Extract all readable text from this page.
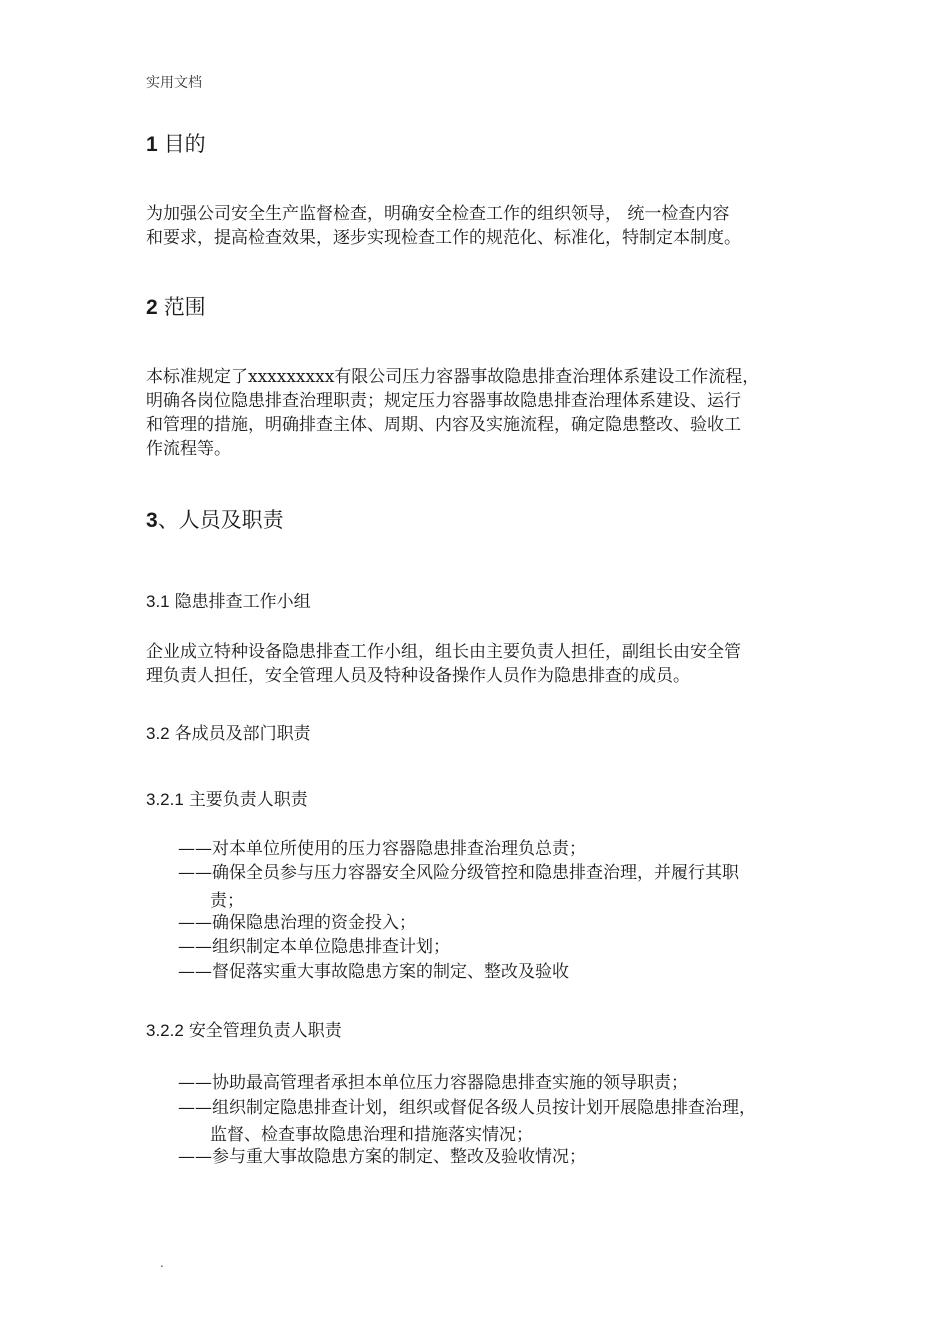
实用文档
1 目的
为加强公司安全生产监督检查，明确安全检查工作的组织领导， 统一检查内容
和要求，提高检查效果，逐步实现检查工作的规范化、标准化，特制定本制度。
2 范围
本标准规定了xxxxxxxxx有限公司压力容器事故隐患排查治理体系建设工作流程，
明确各岗位隐患排查治理职责；规定压力容器事故隐患排查治理体系建设、运行
和管理的措施，明确排查主体、周期、内容及实施流程，确定隐患整改、验收工
作流程等。
3、人员及职责
3.1 隐患排查工作小组
企业成立特种设备隐患排查工作小组，组长由主要负责人担任，副组长由安全管
理负责人担任，安全管理人员及特种设备操作人员作为隐患排查的成员。
3.2 各成员及部门职责
3.2.1 主要负责人职责
——对本单位所使用的压力容器隐患排查治理负总责；
——确保全员参与压力容器安全风险分级管控和隐患排查治理，并履行其职
责；
——确保隐患治理的资金投入；
——组织制定本单位隐患排查计划；
——督促落实重大事故隐患方案的制定、整改及验收
3.2.2 安全管理负责人职责
——协助最高管理者承担本单位压力容器隐患排查实施的领导职责；
——组织制定隐患排查计划，组织或督促各级人员按计划开展隐患排查治理，
监督、检查事故隐患治理和措施落实情况；
——参与重大事故隐患方案的制定、整改及验收情况；
.
